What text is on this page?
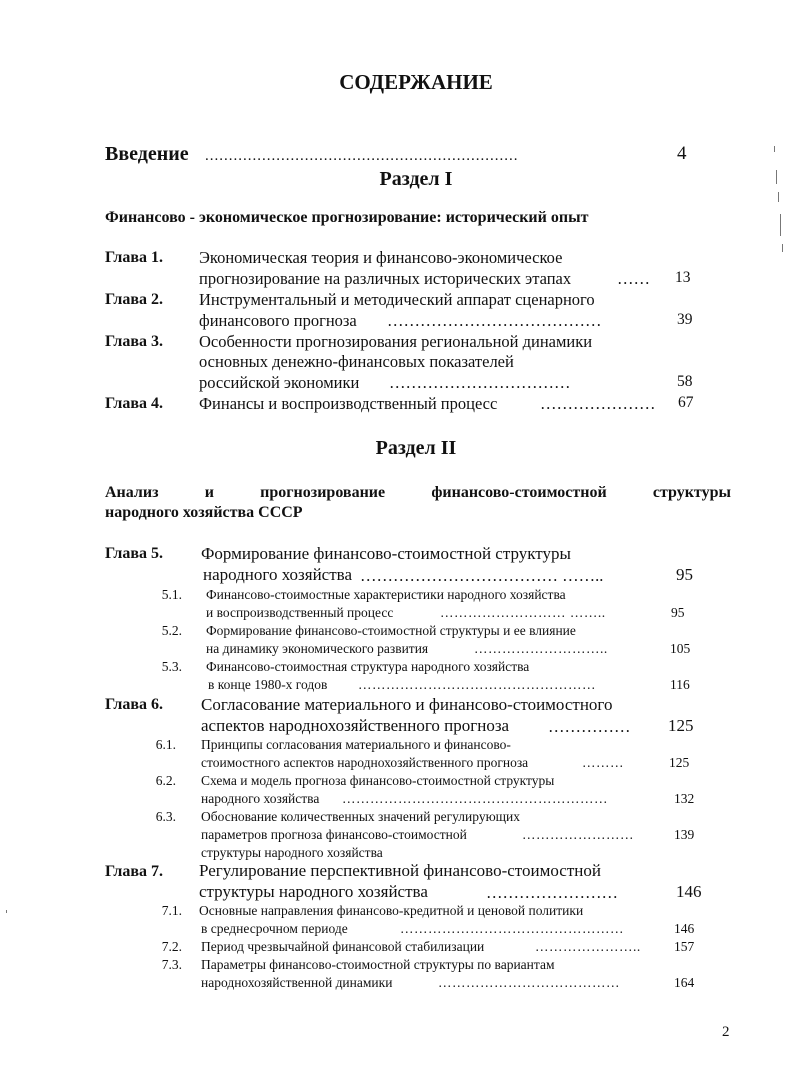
СОДЕРЖАНИЕ
Введение ..................................................................	4
Раздел I
Финансово - экономическое прогнозирование: исторический опыт
Глава 1. Экономическая теория и финансово-экономическое
прогнозирование на различных исторических этапах	…… 13
Глава 2. Инструментальный и методический аппарат сценарного
финансового прогноза …………………………………	39
Глава 3. Особенности прогнозирования региональной динамики
основных денежно-финансовых показателей
российской экономики ……………………………	58
Глава 4. Финансы и воспроизводственный процесс	………………… 67
Раздел II
Анализ	и	прогнозирование	финансово-стоимостной	структуры
народного хозяйства СССР
Глава 5. Формирование финансово-стоимостной структуры
народного хозяйства ……………………………… ……..	95
5.1. Финансово-стоимостные характеристики народного хозяйства
и воспроизводственный процесс	……………………… ……..	95
5.2. Формирование финансово-стоимостной структуры и ее влияние
на динамику экономического развития	………………………..	105
5.3. Финансово-стоимостная структура народного хозяйства
в конце 1980-х годов ……………………………………………	116
Глава 6. Согласование материального и финансово-стоимостного
аспектов народнохозяйственного прогноза …………… 125
6.1. Принципы согласования материального и финансово-
стоимостного аспектов народнохозяйственного прогноза	………	125
6.2. Схема и модель прогноза финансово-стоимостной структуры
народного хозяйства …………………………………………………	132
6.3. Обоснование количественных значений регулирующих
параметров прогноза финансово-стоимостной	……………………	139
структуры народного хозяйства
Глава 7. Регулирование перспективной финансово-стоимостной
структуры народного хозяйства	……………………	146
7.1. Основные направления финансово-кредитной и ценовой политики
в среднесрочном периоде	…………………………………………	146
7.2. Период чрезвычайной финансовой стабилизации	………………….. 157
7.3. Параметры финансово-стоимостной структуры по вариантам
народнохозяйственной динамики	…………………………………	164
2
